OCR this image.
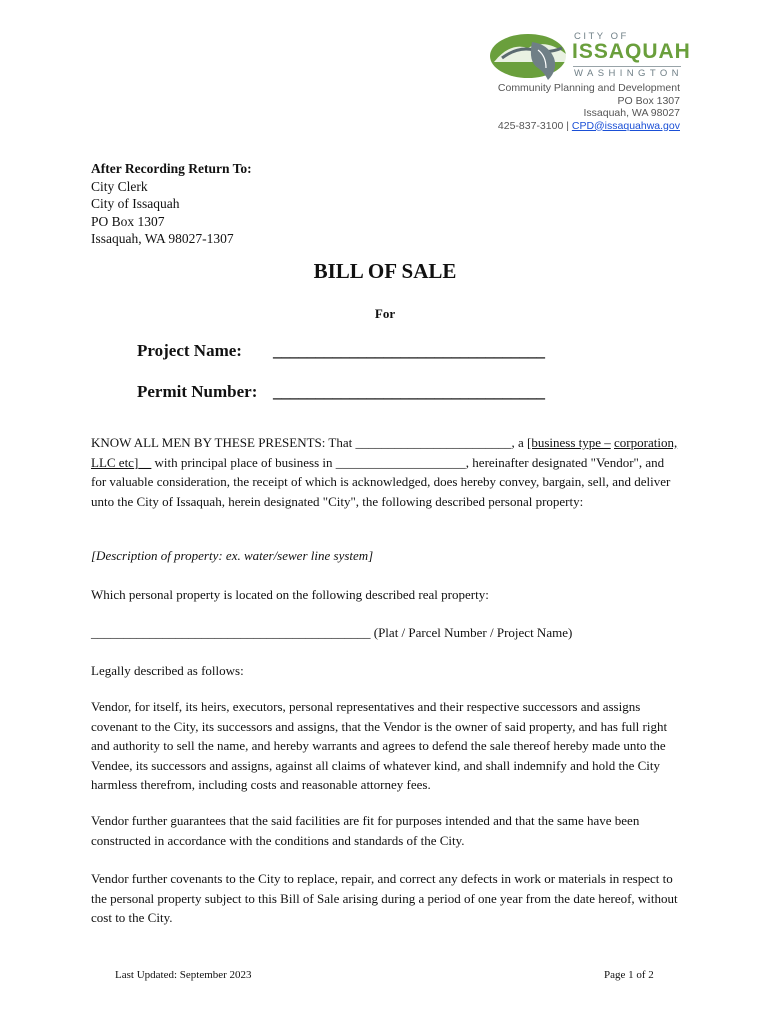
CITY OF
ISSAQUAH
WASHINGTON
Community Planning and Development
PO Box 1307
Issaquah, WA 98027
425-837-3100 | CPD@issaquahwa.gov
After Recording Return To:
City Clerk
City of Issaquah
PO Box 1307
Issaquah, WA 98027-1307
BILL OF SALE
For
Project Name: ________________________________
Permit Number: ________________________________
KNOW ALL MEN BY THESE PRESENTS: That ________________________, a [business type – corporation, LLC etc]__ with principal place of business in ____________________, hereinafter designated "Vendor", and for valuable consideration, the receipt of which is acknowledged, does hereby convey, bargain, sell, and deliver unto the City of Issaquah, herein designated "City", the following described personal property:
[Description of property: ex. water/sewer line system]
Which personal property is located on the following described real property:
___________________________________________ (Plat / Parcel Number / Project Name)
Legally described as follows:
Vendor, for itself, its heirs, executors, personal representatives and their respective successors and assigns covenant to the City, its successors and assigns, that the Vendor is the owner of said property, and has full right and authority to sell the name, and hereby warrants and agrees to defend the sale thereof hereby made unto the Vendee, its successors and assigns, against all claims of whatever kind, and shall indemnify and hold the City harmless therefrom, including costs and reasonable attorney fees.
Vendor further guarantees that the said facilities are fit for purposes intended and that the same have been constructed in accordance with the conditions and standards of the City.
Vendor further covenants to the City to replace, repair, and correct any defects in work or materials in respect to the personal property subject to this Bill of Sale arising during a period of one year from the date hereof, without cost to the City.
Last Updated: September 2023	Page 1 of 2
